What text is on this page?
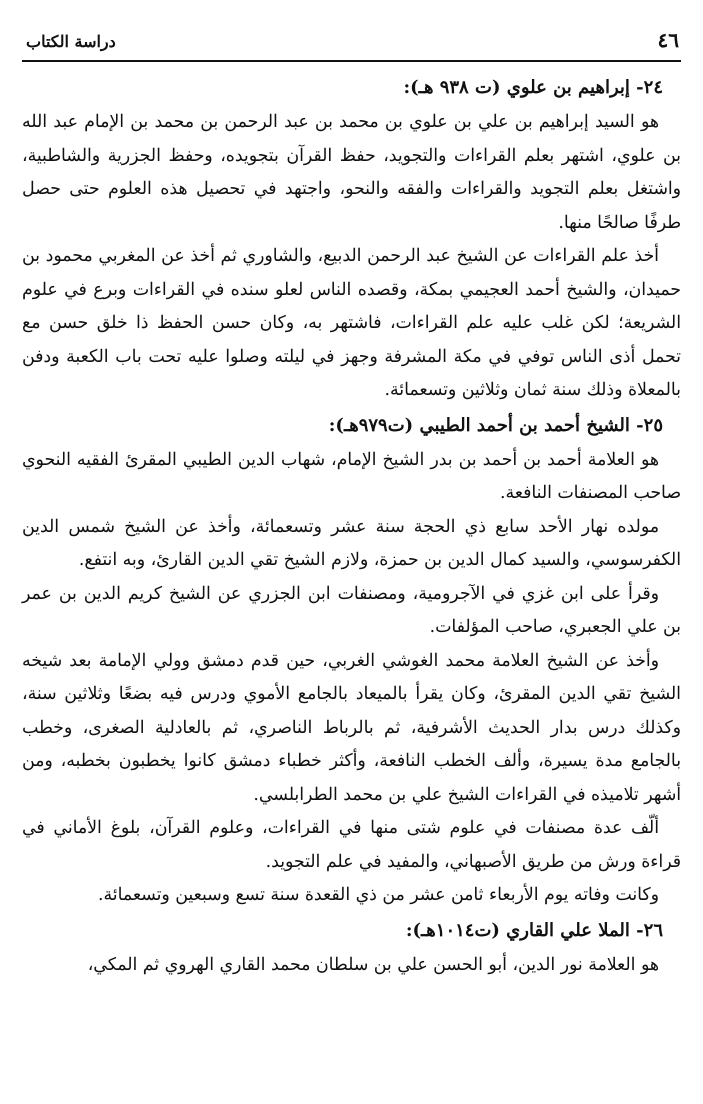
٤٦
دراسة الكتاب
٢٤- إبراهيم بن علوي (ت ٩٣٨ هـ):

هو السيد إبراهيم بن علي بن علوي بن محمد بن عبد الرحمن بن محمد بن الإمام عبد الله بن علوي، اشتهر بعلم القراءات والتجويد، حفظ القرآن بتجويده، وحفظ الجزرية والشاطبية، واشتغل بعلم التجويد والقراءات والفقه والنحو، واجتهد في تحصيل هذه العلوم حتى حصل طرفًا صالحًا منها.

أخذ علم القراءات عن الشيخ عبد الرحمن الدبيع، والشاوري ثم أخذ عن المغربي محمود بن حميدان، والشيخ أحمد العجيمي بمكة، وقصده الناس لعلو سنده في القراءات وبرع في علوم الشريعة؛ لكن غلب عليه علم القراءات، فاشتهر به، وكان حسن الحفظ ذا خلق حسن مع تحمل أذى الناس توفي في مكة المشرفة وجهز في ليلته وصلوا عليه تحت باب الكعبة ودفن بالمعلاة وذلك سنة ثمان وثلاثين وتسعمائة.

٢٥- الشيخ أحمد بن أحمد الطيبي (ت٩٧٩هـ):

هو العلامة أحمد بن أحمد بن بدر الشيخ الإمام، شهاب الدين الطيبي المقرئ الفقيه النحوي صاحب المصنفات النافعة.

مولده نهار الأحد سابع ذي الحجة سنة عشر وتسعمائة، وأخذ عن الشيخ شمس الدين الكفرسوسي، والسيد كمال الدين بن حمزة، ولازم الشيخ تقي الدين القارئ، وبه انتفع.

وقرأ على ابن غزي في الآجرومية، ومصنفات ابن الجزري عن الشيخ كريم الدين بن عمر بن علي الجعبري، صاحب المؤلفات.

وأخذ عن الشيخ العلامة محمد الغوشي الغربي، حين قدم دمشق وولي الإمامة بعد شيخه الشيخ تقي الدين المقرئ، وكان يقرأ بالميعاد بالجامع الأموي ودرس فيه بضعًا وثلاثين سنة، وكذلك درس بدار الحديث الأشرفية، ثم بالرباط الناصري، ثم بالعادلية الصغرى، وخطب بالجامع مدة يسيرة، وألف الخطب النافعة، وأكثر خطباء دمشق كانوا يخطبون بخطبه، ومن أشهر تلاميذه في القراءات الشيخ علي بن محمد الطرابلسي.

ألّف عدة مصنفات في علوم شتى منها في القراءات، وعلوم القرآن، بلوغ الأماني في قراءة ورش من طريق الأصبهاني، والمفيد في علم التجويد.

وكانت وفاته يوم الأربعاء ثامن عشر من ذي القعدة سنة تسع وسبعين وتسعمائة.

٢٦- الملا علي القاري (ت١٠١٤هـ):

هو العلامة نور الدين، أبو الحسن علي بن سلطان محمد القاري الهروي ثم المكي،
